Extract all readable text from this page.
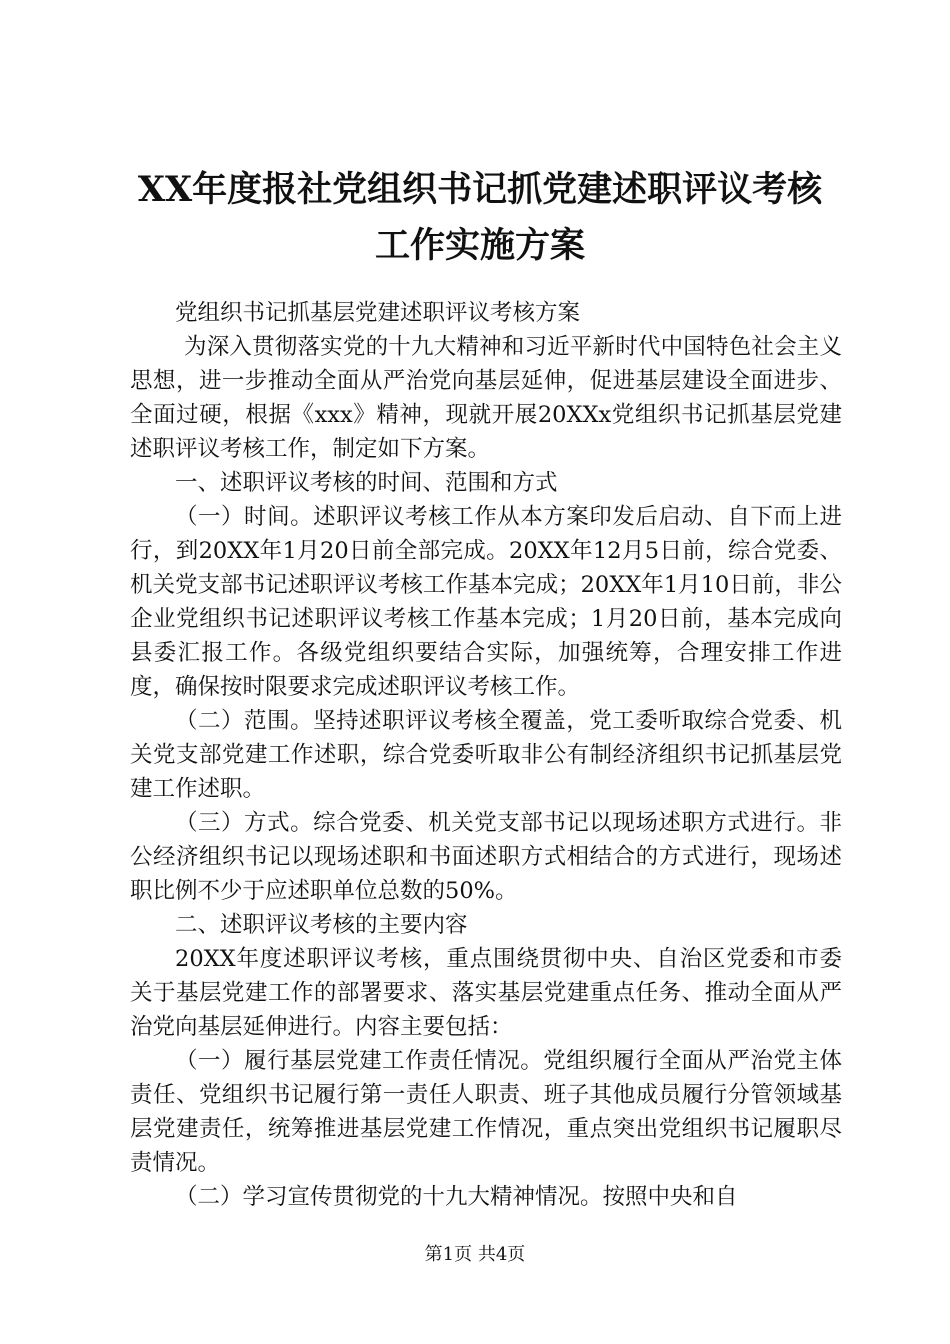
XX年度报社党组织书记抓党建述职评议考核
工作实施方案

党组织书记抓基层党建述职评议考核方案

为深入贯彻落实党的十九大精神和习近平新时代中国特色社会主义思想，进一步推动全面从严治党向基层延伸，促进基层建设全面进步、全面过硬，根据《xxx》精神，现就开展20XXx党组织书记抓基层党建述职评议考核工作，制定如下方案。

一、述职评议考核的时间、范围和方式

（一）时间。述职评议考核工作从本方案印发后启动、自下而上进行，到20XX年1月20日前全部完成。20XX年12月5日前，综合党委、机关党支部书记述职评议考核工作基本完成；20XX年1月10日前，非公企业党组织书记述职评议考核工作基本完成；1月20日前，基本完成向县委汇报工作。各级党组织要结合实际，加强统筹，合理安排工作进度，确保按时限要求完成述职评议考核工作。

（二）范围。坚持述职评议考核全覆盖，党工委听取综合党委、机关党支部党建工作述职，综合党委听取非公有制经济组织书记抓基层党建工作述职。

（三）方式。综合党委、机关党支部书记以现场述职方式进行。非公经济组织书记以现场述职和书面述职方式相结合的方式进行，现场述职比例不少于应述职单位总数的50%。

二、述职评议考核的主要内容

20XX年度述职评议考核，重点围绕贯彻中央、自治区党委和市委关于基层党建工作的部署要求、落实基层党建重点任务、推动全面从严治党向基层延伸进行。内容主要包括：

（一）履行基层党建工作责任情况。党组织履行全面从严治党主体责任、党组织书记履行第一责任人职责、班子其他成员履行分管领域基层党建责任，统筹推进基层党建工作情况，重点突出党组织书记履职尽责情况。

（二）学习宣传贯彻党的十九大精神情况。按照中央和自

第1页 共4页
